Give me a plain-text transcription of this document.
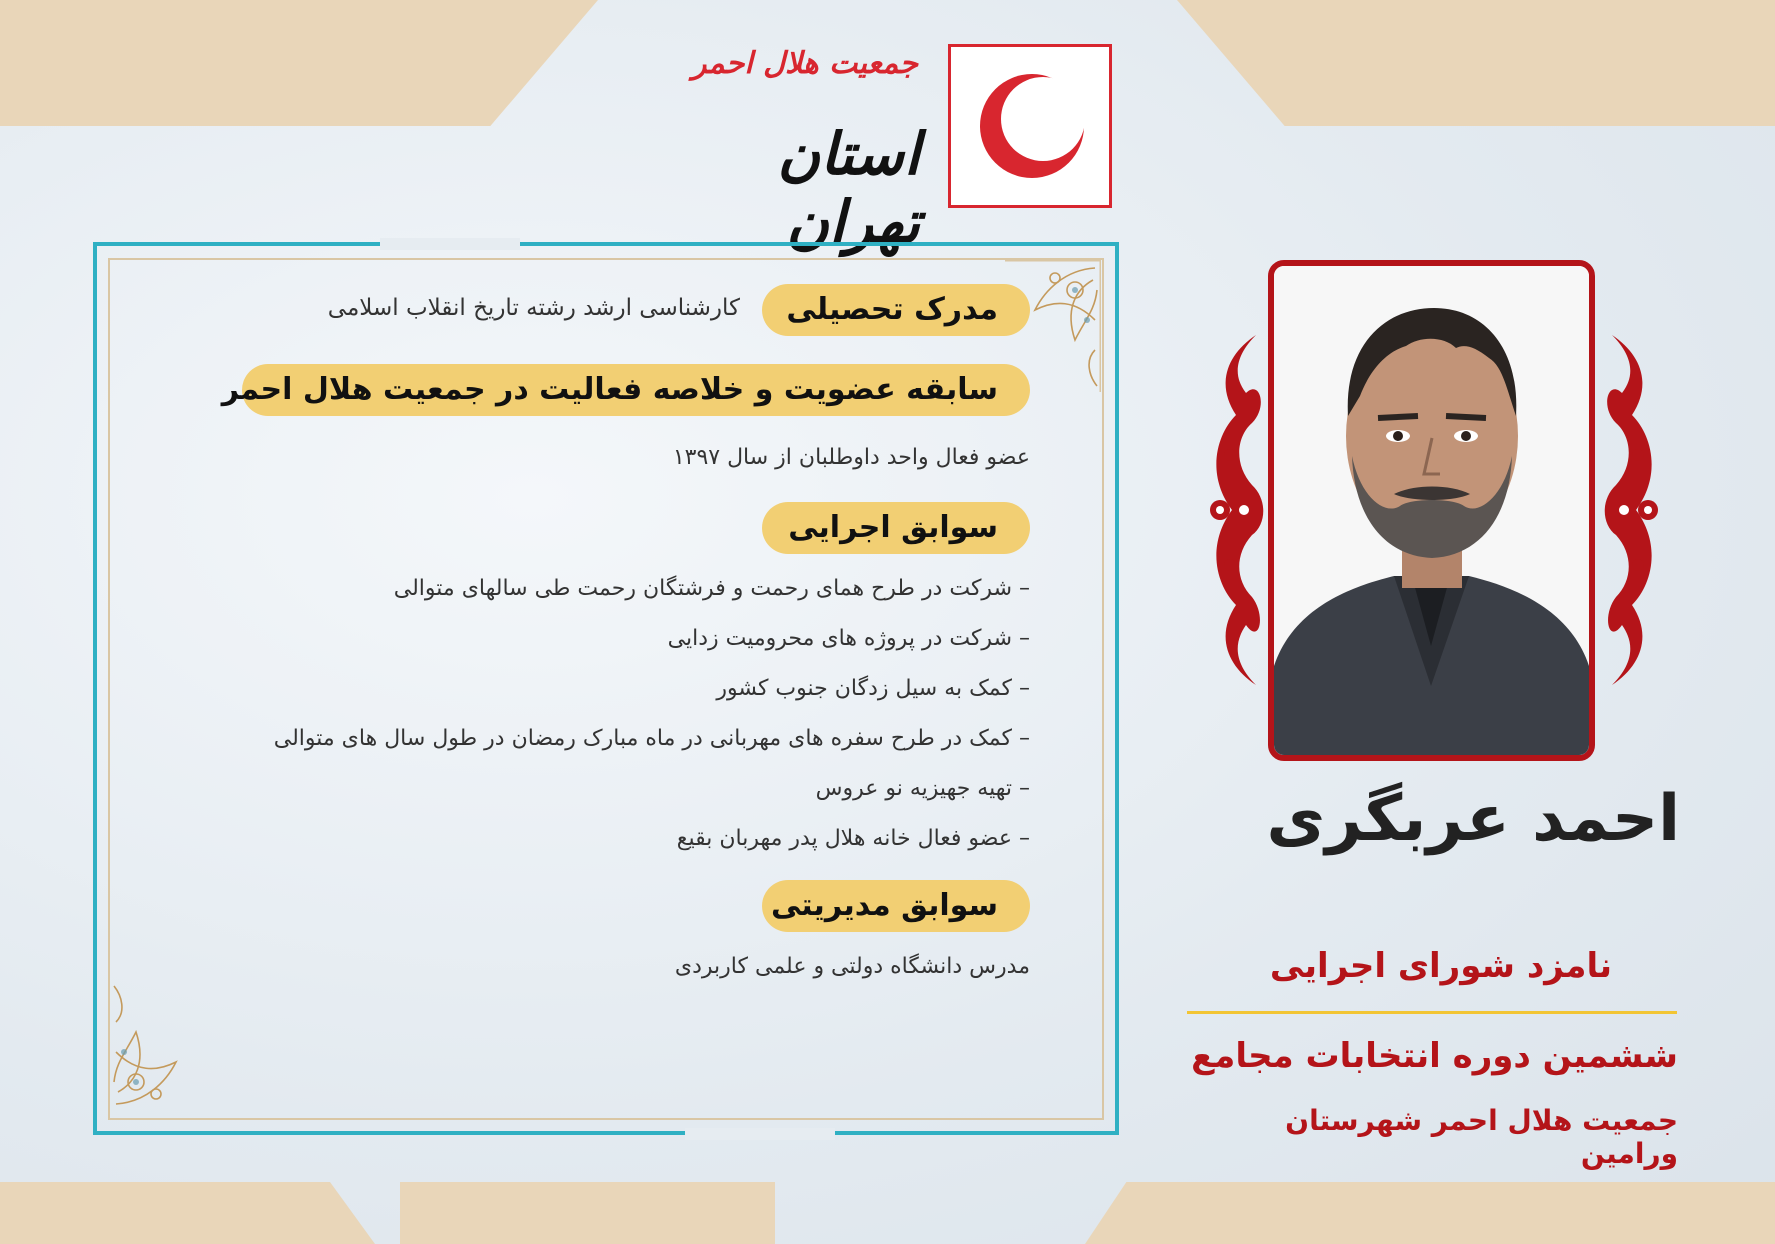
جمعیت هلال احمر
استان تهران
مدرک تحصیلی
کارشناسی ارشد رشته تاریخ انقلاب اسلامی
سابقه عضویت و خلاصه فعالیت در جمعیت هلال احمر
عضو فعال واحد داوطلبان از سال ۱۳۹۷
سوابق اجرایی
– شرکت در طرح همای رحمت و فرشتگان رحمت طی سالهای متوالی
– شرکت در پروژه های محرومیت زدایی
– کمک به سیل زدگان جنوب کشور
– کمک در طرح سفره های مهربانی در ماه مبارک رمضان در طول سال های متوالی
– تهیه جهیزیه نو عروس
– عضو فعال خانه هلال پدر مهربان بقیع
سوابق مدیریتی
مدرس دانشگاه دولتی و علمی کاربردی
احمد عربگری
نامزد شورای اجرایی
ششمین دوره انتخابات مجامع
جمعیت هلال احمر شهرستان ورامین
